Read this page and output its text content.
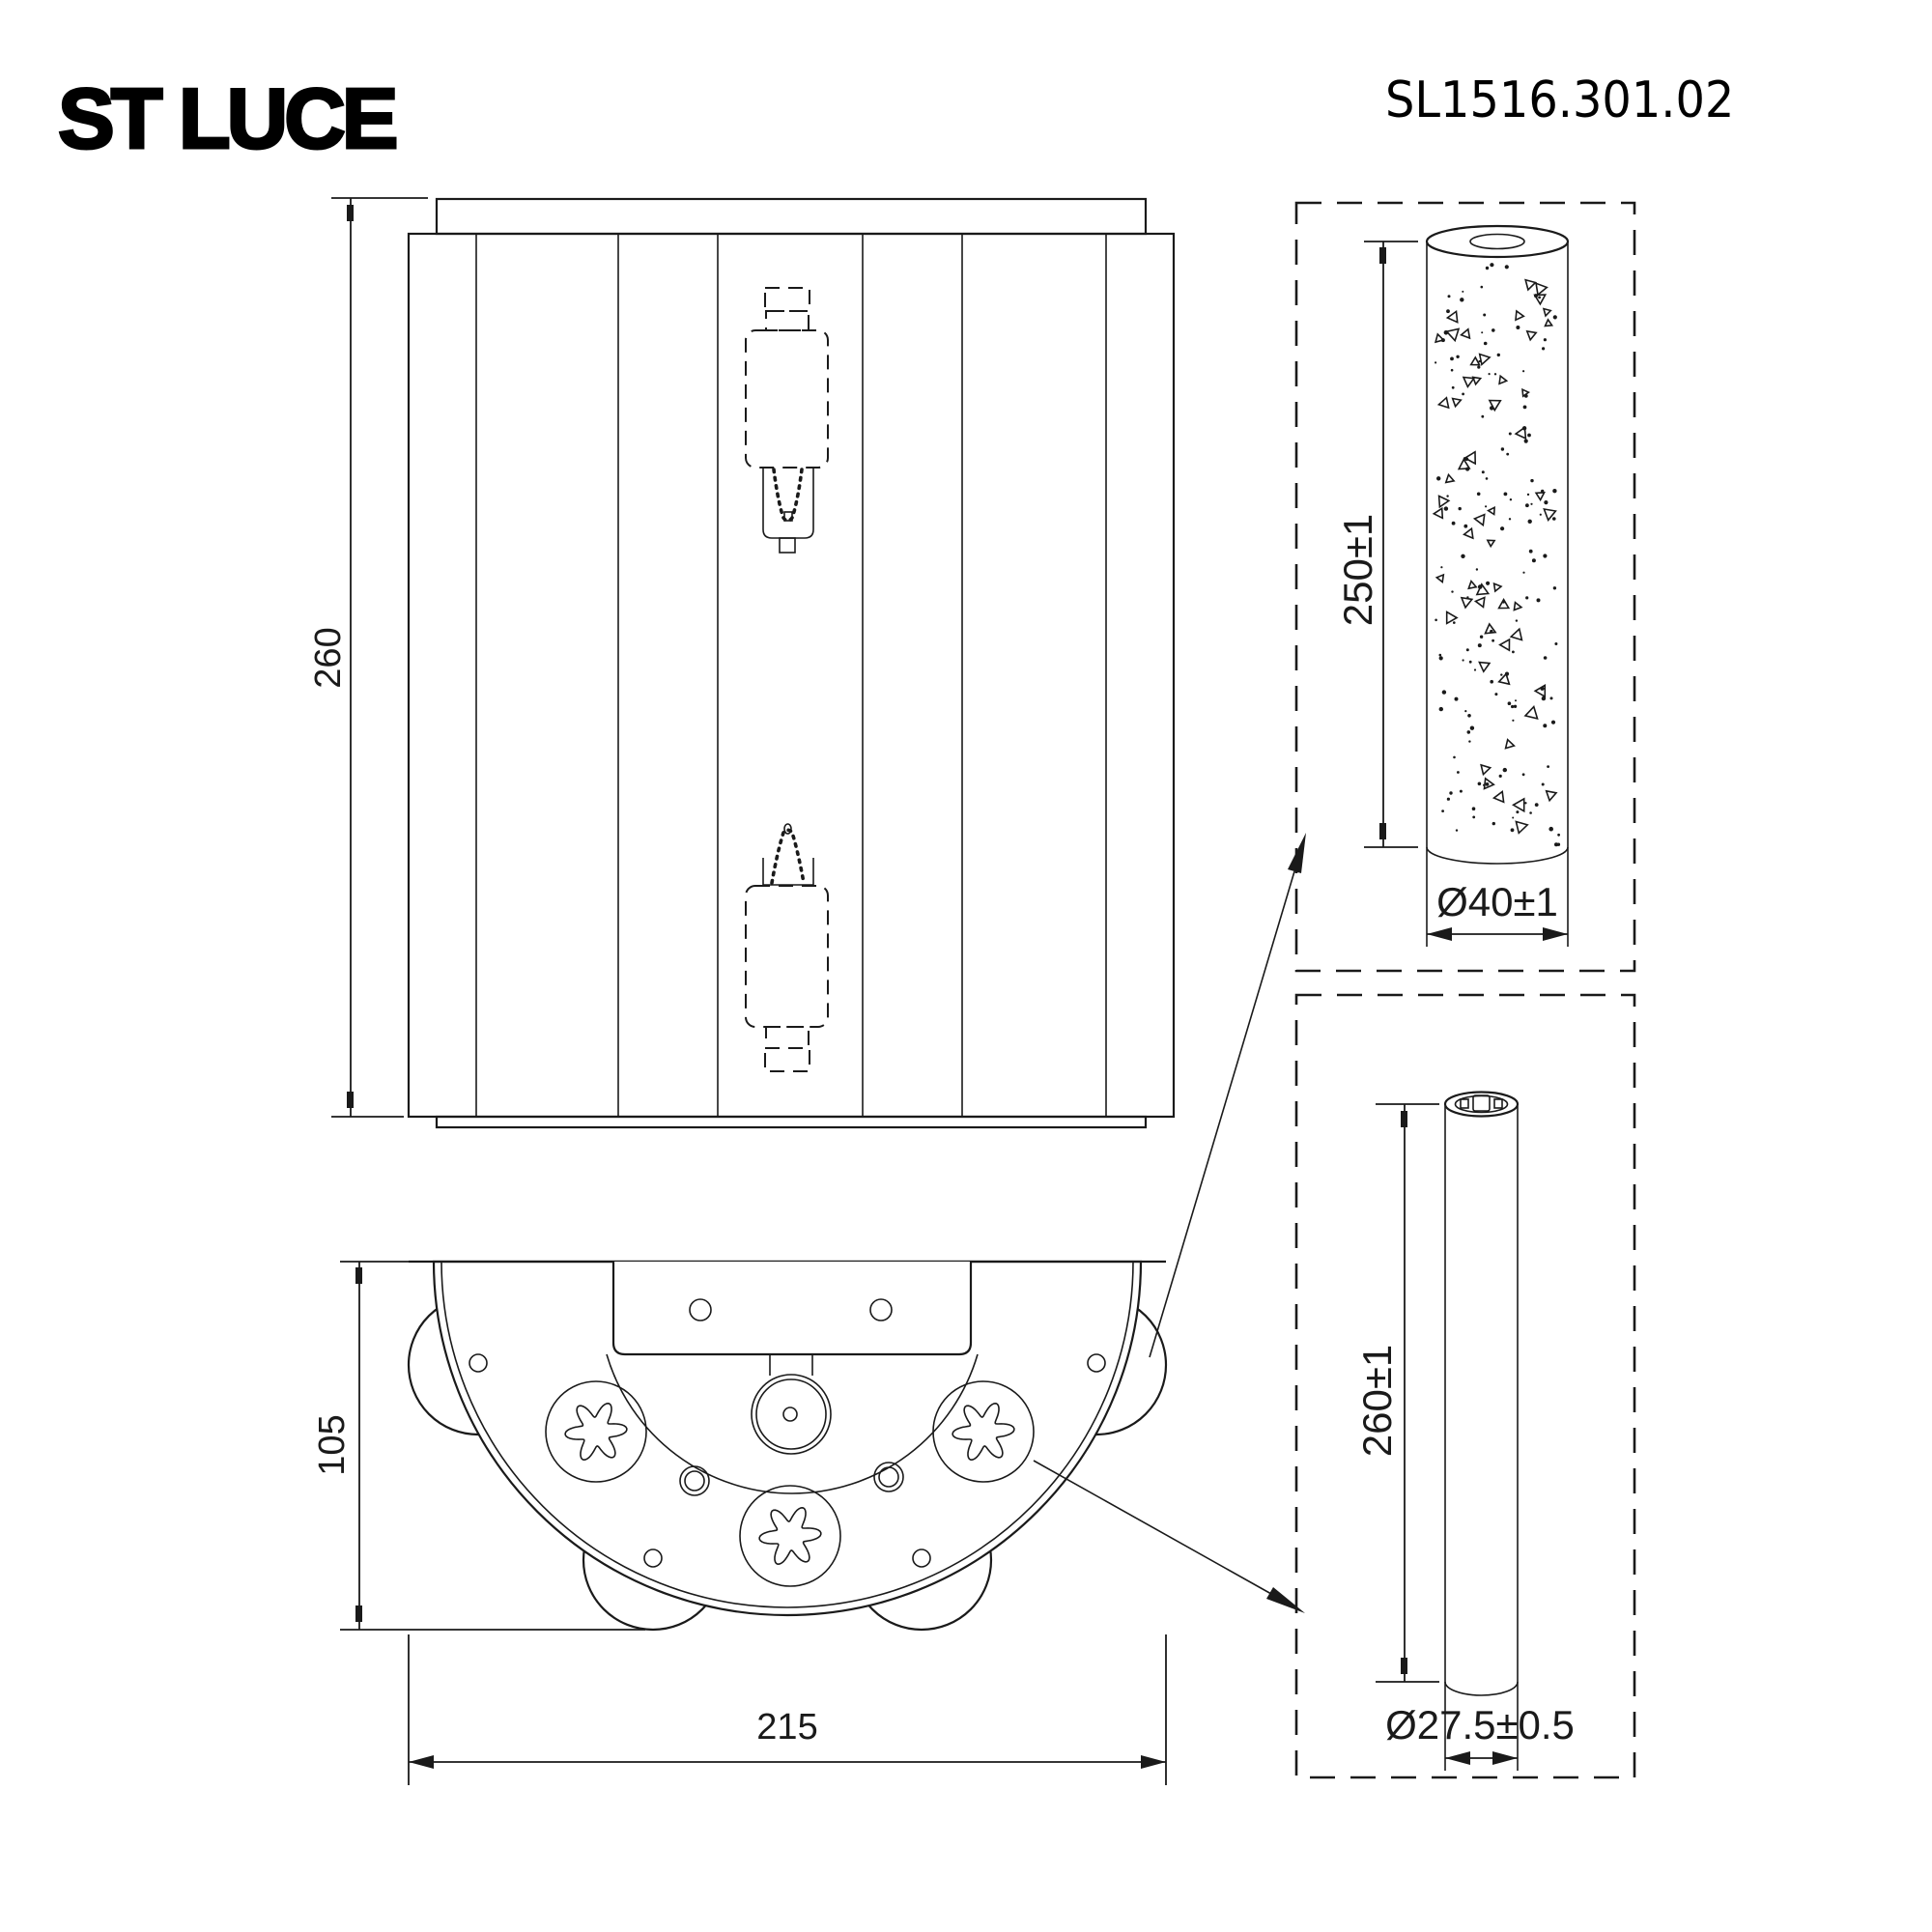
ST LUCE	SL1516.301.02
260
105
215
250±1
Ø40±1
260±1
Ø27.5±0.5
